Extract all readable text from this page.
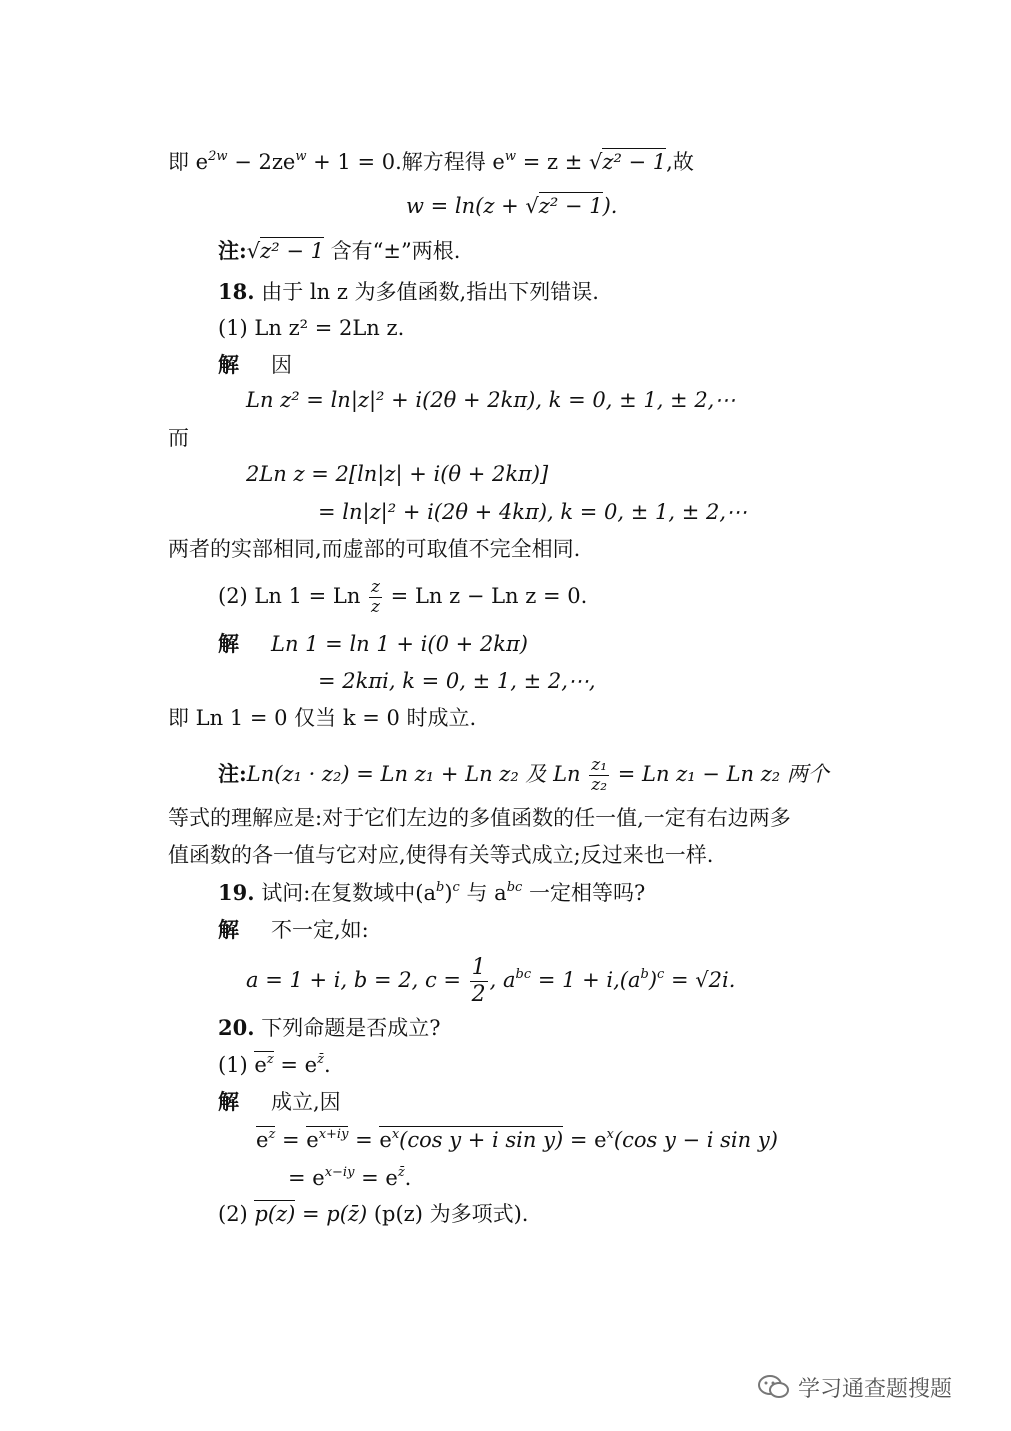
即 $e^{2w} - 2ze^w + 1 = 0$.解方程得 $e^w = z \pm √z^2 - 1$,故
w = ln(z + √z² − 1).
注:√z² − 1 含有“±”两根.
18. 由于 ln z 为多值函数,指出下列错误.
(1) Ln z² = 2Ln z.
解 因
Ln z² = ln|z|² + i(2θ + 2kπ), k = 0, ± 1, ± 2,⋯
而
2Ln z = 2[ln|z| + i(θ + 2kπ)]
= ln|z|² + i(2θ + 4kπ), k = 0, ± 1, ± 2,⋯
两者的实部相同,而虚部的可取值不完全相同.
(2) Ln 1 = Ln $\frac{z}{z} = Ln$ z − Ln z = 0.
解 Ln 1 = ln 1 + i(0 + 2kπ)
= 2kπi, k = 0, ± 1, ± 2,⋯,
即 Ln 1 = 0 仅当 k = 0 时成立.
注:Ln(z₁ · z₂) = Ln z₁ + Ln z₂ 及 Ln $\frac{\text{z₁}}{\text{z₂}} = Ln$ z₁ − Ln z₂ 两个
等式的理解应是:对于它们左边的多值函数的任一值,一定有右边两多
值函数的各一值与它对应,使得有关等式成立;反过来也一样.
19. 试问:在复数域中$(a^b)^c$ 与 $a^{bc}$ 一定相等吗?
解 不一定,如:
a = 1 + i, b = 2, $c = \frac{1}{2}$ , $a^{bc} = 1 + i,(a^b)^c = √2i$.
20. 下列命题是否成立?
(1) $e^z = e^{z̄}$.
解 成立,因
$e^z = e^{x+iy} = e^x(\cos$ y + i $\sin y) = e^x(\cos$ y − i sin y)
= $e^{x-iy} = e^{z̄}$.
(2) p(z) = p(z̄) (p(z) 为多项式).
学习通查题搜题
